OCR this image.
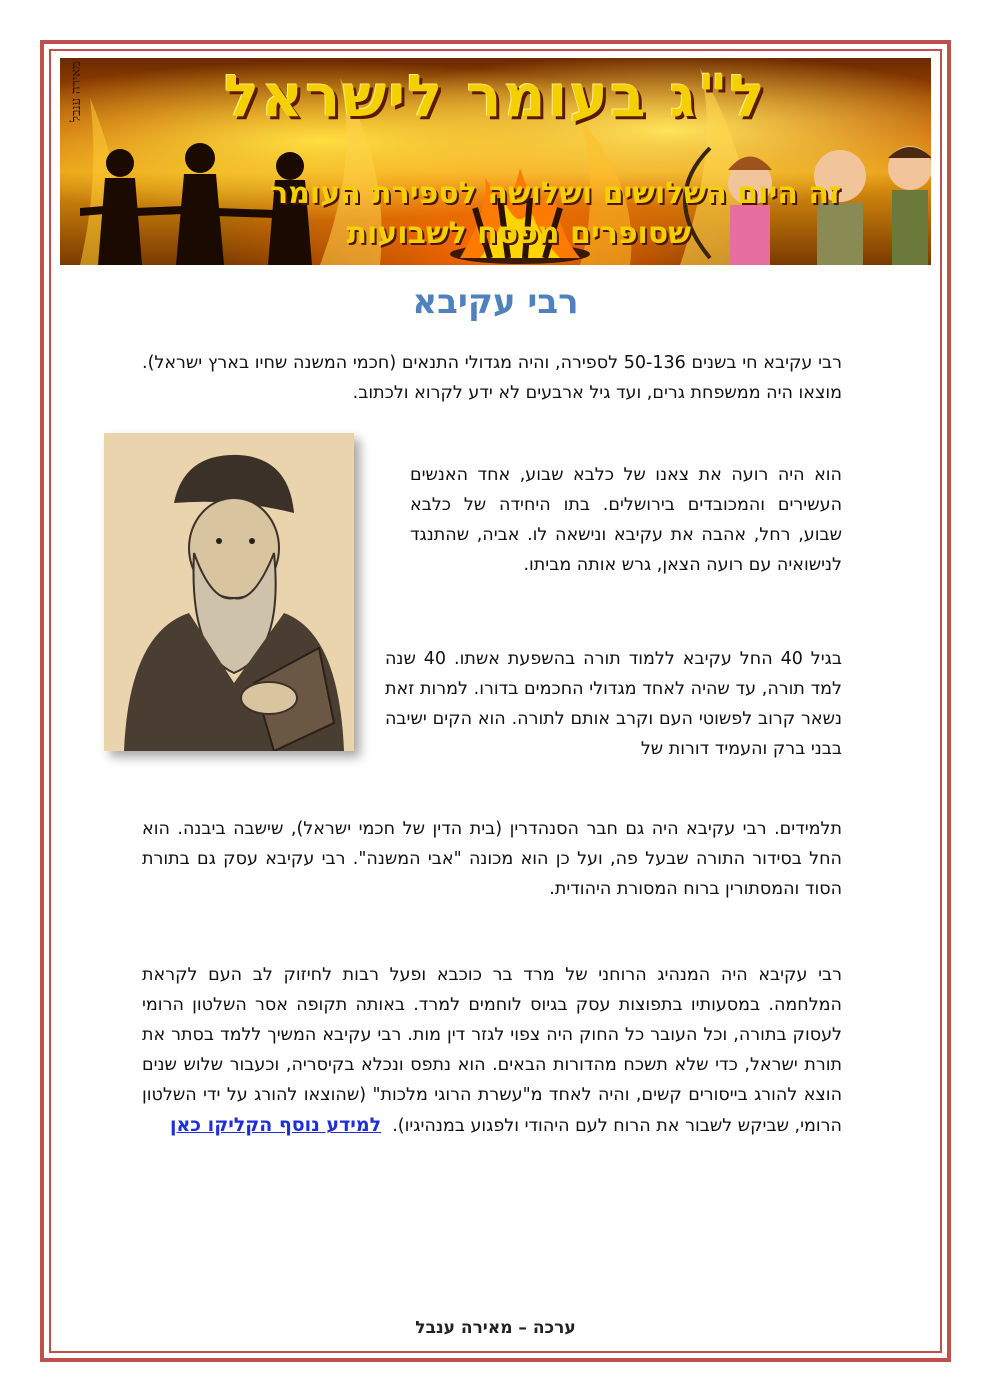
מאירה ענבל	ל"ג בעומר לישראל
זה היום השלושים ושלושה לספירת העומר
שסופרים מפסח לשבועות
רבי עקיבא
רבי עקיבא חי בשנים 50-136 לספירה, והיה מגדולי התנאים (חכמי המשנה שחיו בארץ ישראל). מוצאו היה ממשפחת גרים, ועד גיל ארבעים לא ידע לקרוא ולכתוב.
הוא היה רועה את צאנו של כלבא שבוע, אחד האנשים העשירים והמכובדים בירושלים. בתו היחידה של כלבא שבוע, רחל, אהבה את עקיבא ונישאה לו. אביה, שהתנגד לנישואיה עם רועה הצאן, גרש אותה מביתו.
בגיל 40 החל עקיבא ללמוד תורה בהשפעת אשתו. 40 שנה למד תורה, עד שהיה לאחד מגדולי החכמים בדורו. למרות זאת נשאר קרוב לפשוטי העם וקרב אותם לתורה. הוא הקים ישיבה בבני ברק והעמיד דורות של
תלמידים. רבי עקיבא היה גם חבר הסנהדרין (בית הדין של חכמי ישראל), שישבה ביבנה. הוא החל בסידור התורה שבעל פה, ועל כן הוא מכונה "אבי המשנה". רבי עקיבא עסק גם בתורת הסוד והמסתורין ברוח המסורת היהודית.
רבי עקיבא היה המנהיג הרוחני של מרד בר כוכבא ופעל רבות לחיזוק לב העם לקראת המלחמה. במסעותיו בתפוצות עסק בגיוס לוחמים למרד. באותה תקופה אסר השלטון הרומי לעסוק בתורה, וכל העובר כל החוק היה צפוי לגזר דין מות. רבי עקיבא המשיך ללמד בסתר את תורת ישראל, כדי שלא תשכח מהדורות הבאים. הוא נתפס ונכלא בקיסריה, וכעבור שלוש שנים הוצא להורג בייסורים קשים, והיה לאחד מ"עשרת הרוגי מלכות" (שהוצאו להורג על ידי השלטון הרומי, שביקש לשבור את הרוח לעם היהודי ולפגוע במנהיגיו).  למידע נוסף הקליקו כאן
ערכה – מאירה ענבל
